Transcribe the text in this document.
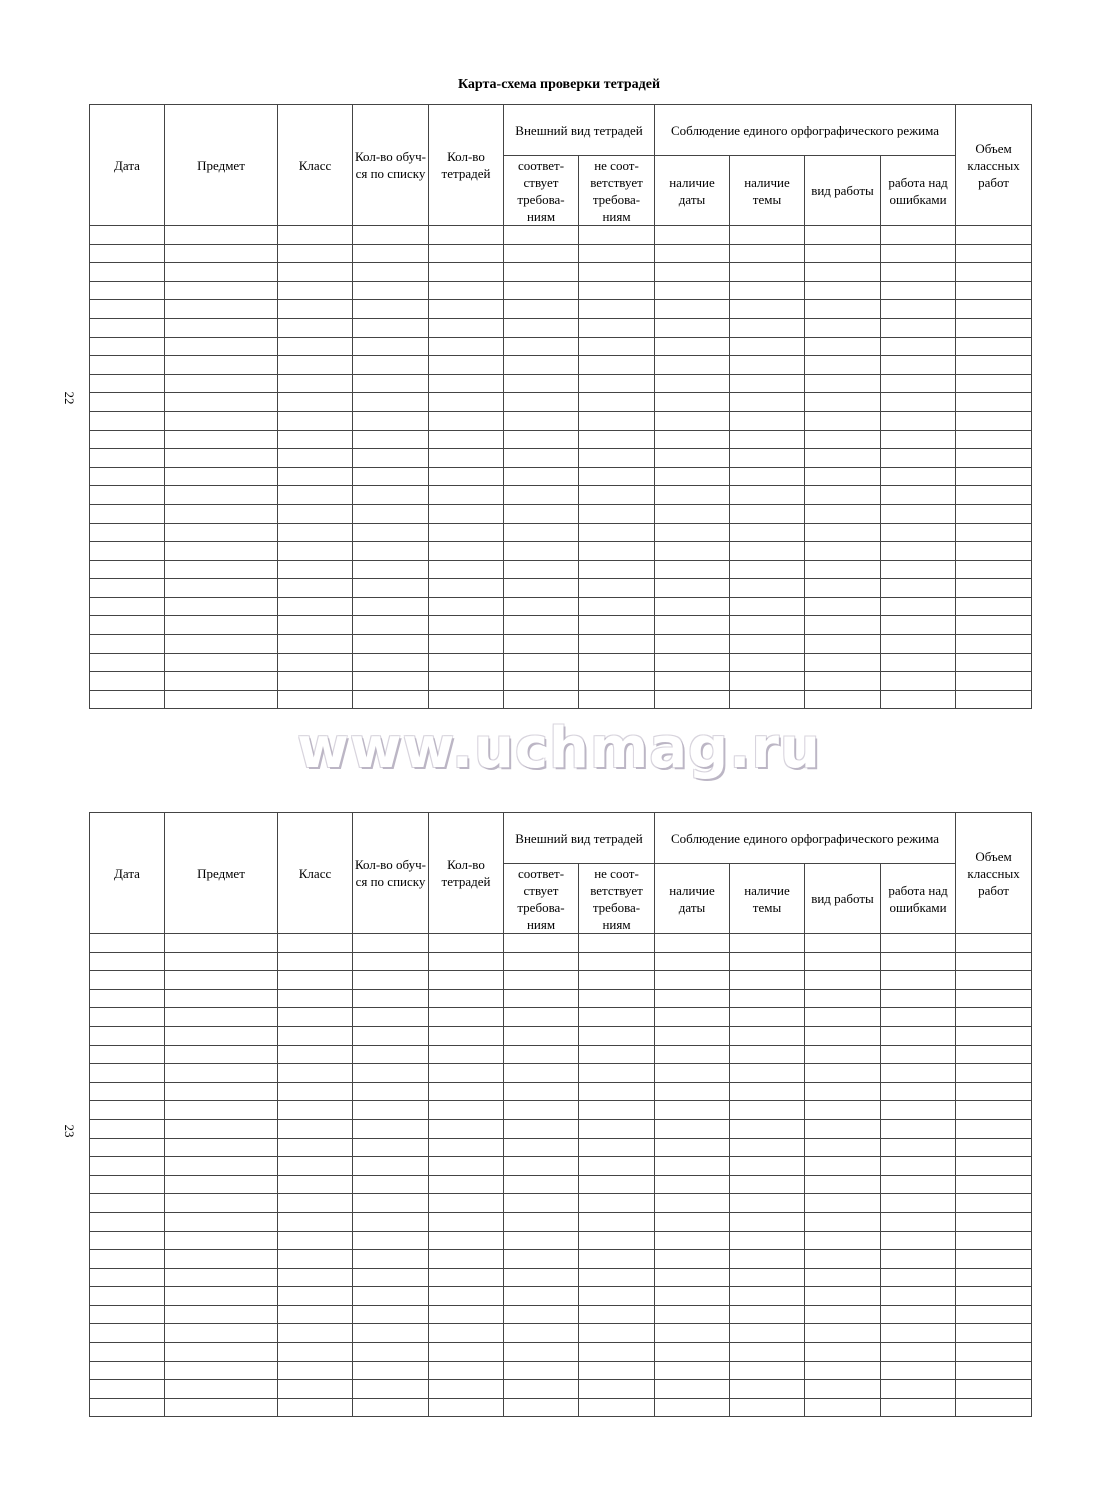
Карта-схема проверки тетрадей
Дата	Предмет	Класс	Кол-во обуч-ся по списку	Кол-во тетрадей	Внешний вид тетрадей		Соблюдение единого орфографического режима				Объем классных работ
					соответ-ствует требова-ниям	не соот-ветствует требова-ниям	наличие даты	наличие темы	вид работы	работа над ошибками	

22
www.uchmag.ru
Дата	Предмет	Класс	Кол-во обуч-ся по списку	Кол-во тетрадей	Внешний вид тетрадей		Соблюдение единого орфографического режима				Объем классных работ
					соответ-ствует требова-ниям	не соот-ветствует требова-ниям	наличие даты	наличие темы	вид работы	работа над ошибками	

23
